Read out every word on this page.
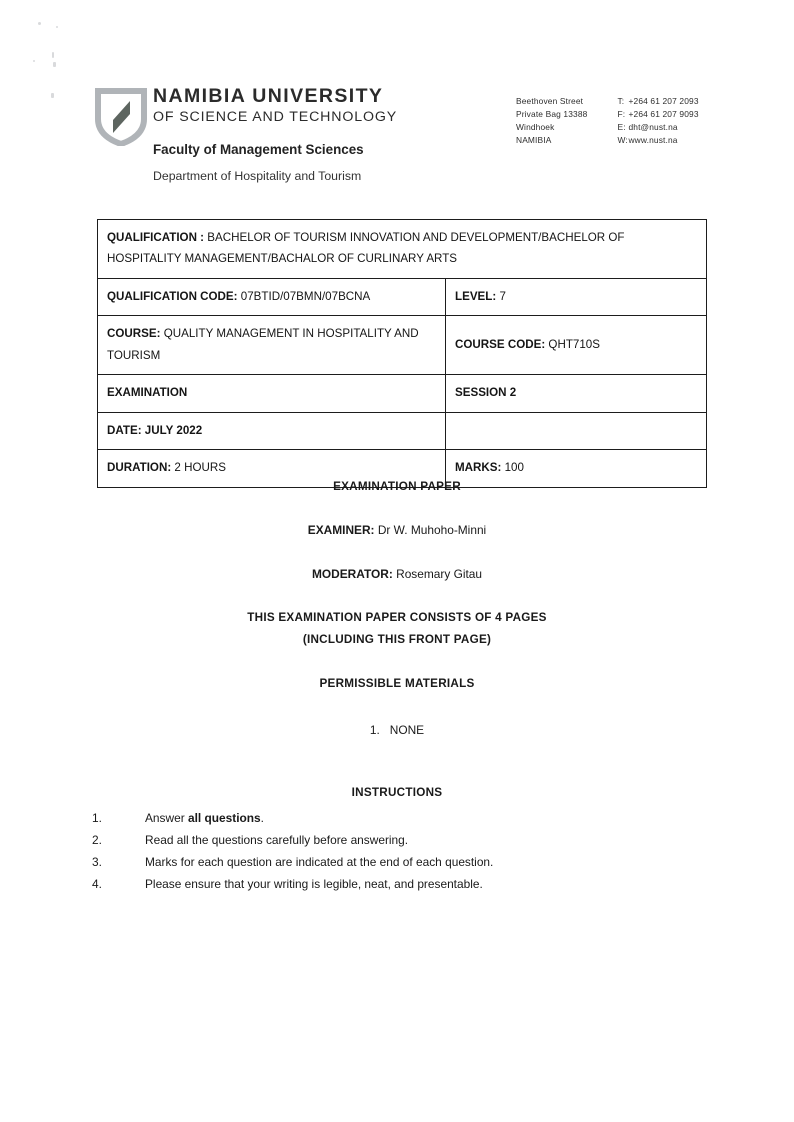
NAMIBIA UNIVERSITY
OF SCIENCE AND TECHNOLOGY
Faculty of Management Sciences
Department of Hospitality and Tourism
Beethoven Street
Private Bag 13388
Windhoek
NAMIBIA
T: +264 61 207 2093
F: +264 61 207 9093
E: dht@nust.na
W:www.nust.na
QUALIFICATION : BACHELOR OF TOURISM INNOVATION AND DEVELOPMENT/BACHELOR OF HOSPITALITY MANAGEMENT/BACHALOR OF CURLINARY ARTS	
QUALIFICATION CODE: 07BTID/07BMN/07BCNA	LEVEL: 7
COURSE: QUALITY MANAGEMENT IN HOSPITALITY AND TOURISM	COURSE CODE: QHT710S
EXAMINATION	SESSION 2
DATE: JULY 2022	
DURATION: 2 HOURS	MARKS: 100
EXAMINATION PAPER
EXAMINER: Dr W. Muhoho-Minni
MODERATOR: Rosemary Gitau
THIS EXAMINATION PAPER CONSISTS OF 4 PAGES
(INCLUDING THIS FRONT PAGE)
PERMISSIBLE MATERIALS
1. NONE
INSTRUCTIONS
1.	Answer all questions.
2.	Read all the questions carefully before answering.
3.	Marks for each question are indicated at the end of each question.
4.	Please ensure that your writing is legible, neat, and presentable.
